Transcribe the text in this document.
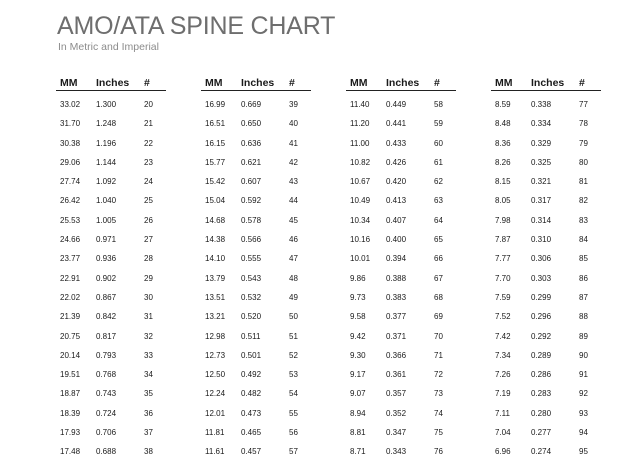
AMO/ATA SPINE CHART

In Metric and Imperial

MM	Inches	#
33.02	1.300	20
31.70	1.248	21
30.38	1.196	22
29.06	1.144	23
27.74	1.092	24
26.42	1.040	25
25.53	1.005	26
24.66	0.971	27
23.77	0.936	28
22.91	0.902	29
22.02	0.867	30
21.39	0.842	31
20.75	0.817	32
20.14	0.793	33
19.51	0.768	34
18.87	0.743	35
18.39	0.724	36
17.93	0.706	37
17.48	0.688	38
MM	Inches	#
16.99	0.669	39
16.51	0.650	40
16.15	0.636	41
15.77	0.621	42
15.42	0.607	43
15.04	0.592	44
14.68	0.578	45
14.38	0.566	46
14.10	0.555	47
13.79	0.543	48
13.51	0.532	49
13.21	0.520	50
12.98	0.511	51
12.73	0.501	52
12.50	0.492	53
12.24	0.482	54
12.01	0.473	55
11.81	0.465	56
11.61	0.457	57
MM	Inches	#
11.40	0.449	58
11.20	0.441	59
11.00	0.433	60
10.82	0.426	61
10.67	0.420	62
10.49	0.413	63
10.34	0.407	64
10.16	0.400	65
10.01	0.394	66
9.86	0.388	67
9.73	0.383	68
9.58	0.377	69
9.42	0.371	70
9.30	0.366	71
9.17	0.361	72
9.07	0.357	73
8.94	0.352	74
8.81	0.347	75
8.71	0.343	76
MM	Inches	#
8.59	0.338	77
8.48	0.334	78
8.36	0.329	79
8.26	0.325	80
8.15	0.321	81
8.05	0.317	82
7.98	0.314	83
7.87	0.310	84
7.77	0.306	85
7.70	0.303	86
7.59	0.299	87
7.52	0.296	88
7.42	0.292	89
7.34	0.289	90
7.26	0.286	91
7.19	0.283	92
7.11	0.280	93
7.04	0.277	94
6.96	0.274	95
